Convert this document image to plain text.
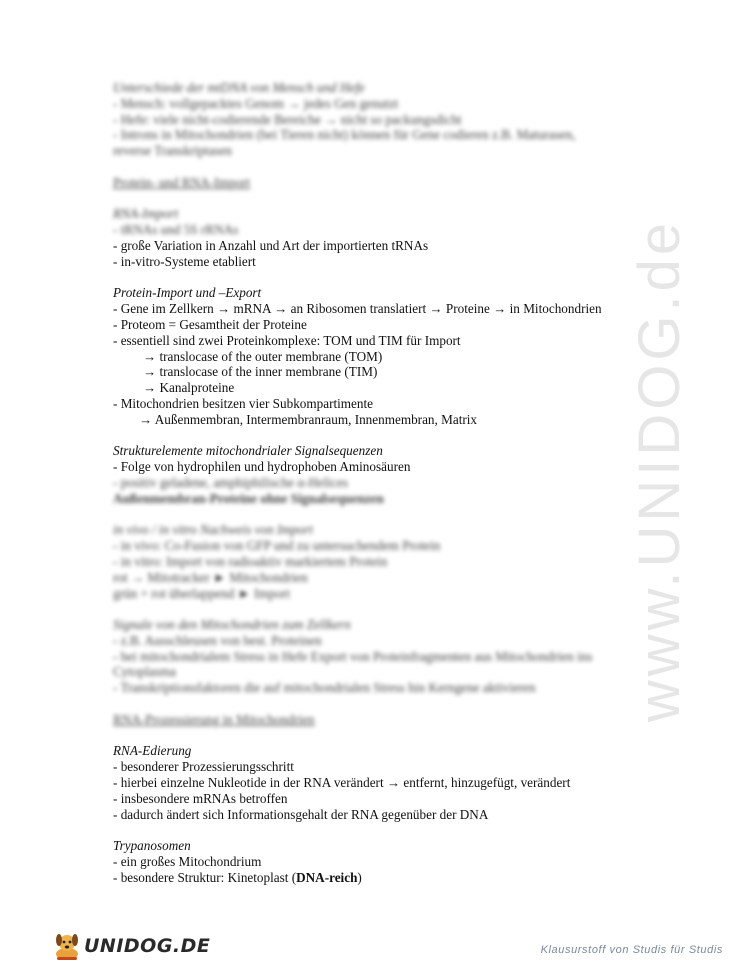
www.UNIDOG.de
Unterschiede der mtDNA von Mensch und Hefe
- Mensch: vollgepacktes Genom → jedes Gen genutzt
- Hefe: viele nicht-codierende Bereiche → nicht so packungsdicht
- Introns in Mitochondrien (bei Tieren nicht) können für Gene codieren z.B. Maturasen,
reverse Transkriptasen
Protein- und RNA-Import
RNA-Import
- tRNAs und 5S rRNAs
- große Variation in Anzahl und Art der importierten tRNAs
- in-vitro-Systeme etabliert
Protein-Import und –Export
- Gene im Zellkern → mRNA → an Ribosomen translatiert → Proteine → in Mitochondrien
- Proteom = Gesamtheit der Proteine
- essentiell sind zwei Proteinkomplexe: TOM und TIM für Import
→ translocase of the outer membrane (TOM)
→ translocase of the inner membrane (TIM)
→ Kanalproteine
- Mitochondrien besitzen vier Subkompartimente
→ Außenmembran, Intermembranraum, Innenmembran, Matrix
Strukturelemente mitochondrialer Signalsequenzen
- Folge von hydrophilen und hydrophoben Aminosäuren
- positiv geladene, amphiphilische α-Helices
Außenmembran-Proteine ohne Signalsequenzen
in vivo / in vitro Nachweis von Import
- in vivo: Co-Fusion von GFP und zu untersuchendem Protein
- in vitro: Import von radioaktiv markiertem Protein
rot → Mitotracker ► Mitochondrien
grün + rot überlappend ► Import
Signale von den Mitochondrien zum Zellkern
- z.B. Ausschleusen von best. Proteinen
- bei mitochondrialem Stress in Hefe Export von Proteinfragmenten aus Mitochondrien ins
Cytoplasma
- Transkriptionsfaktoren die auf mitochondrialen Stress hin Kerngene aktivieren
RNA-Prozessierung in Mitochondrien
RNA-Edierung
- besonderer Prozessierungsschritt
- hierbei einzelne Nukleotide in der RNA verändert → entfernt, hinzugefügt, verändert
- insbesondere mRNAs betroffen
- dadurch ändert sich Informationsgehalt der RNA gegenüber der DNA
Trypanosomen
- ein großes Mitochondrium
- besondere Struktur: Kinetoplast (DNA-reich)
UNIDOG.DE	Klausurstoff von Studis für Studis
